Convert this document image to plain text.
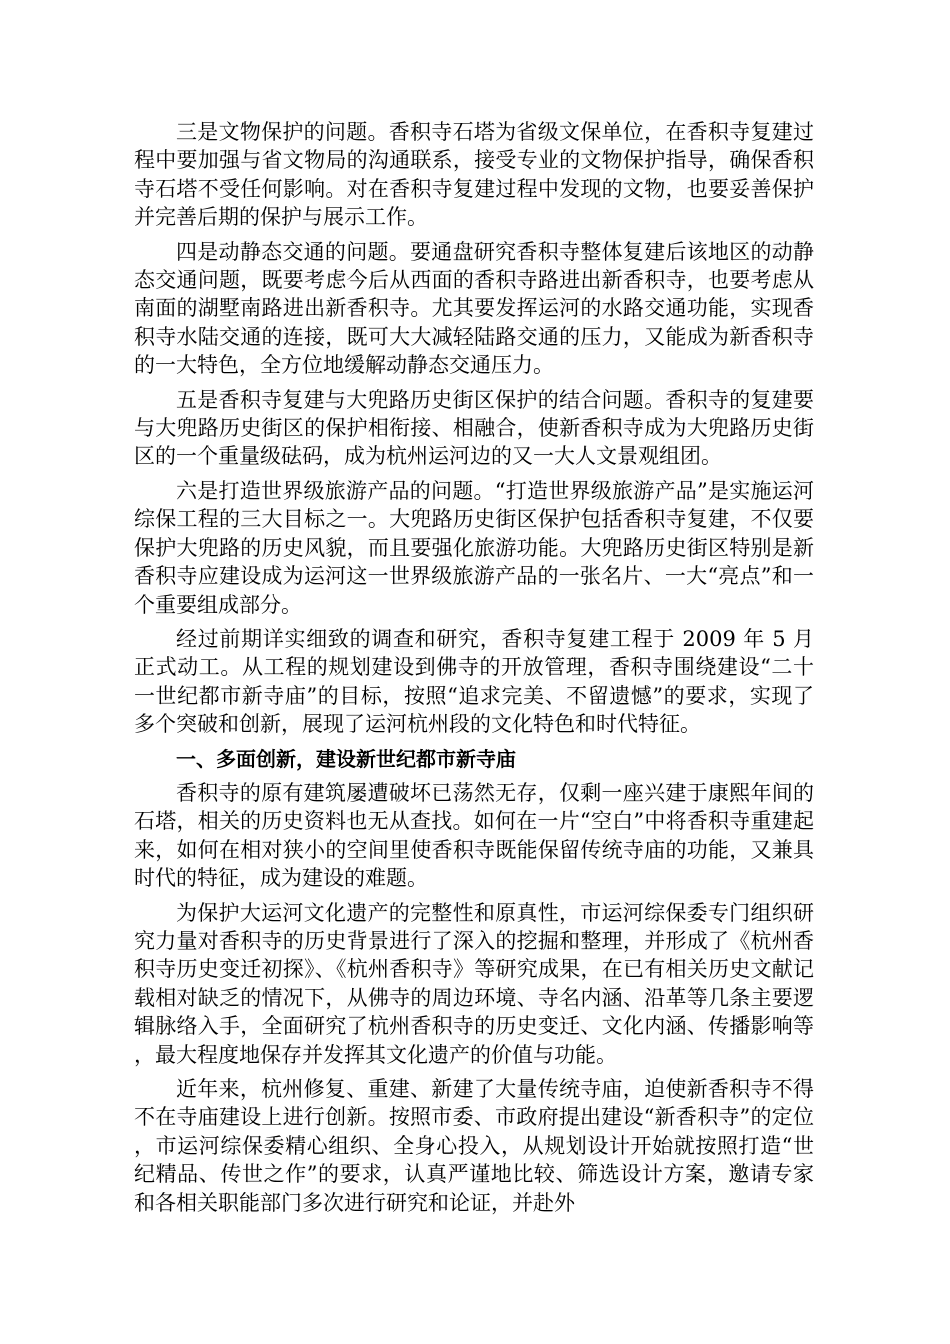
三是文物保护的问题。香积寺石塔为省级文保单位，在香积寺复建过程中要加强与省文物局的沟通联系，接受专业的文物保护指导，确保香积寺石塔不受任何影响。对在香积寺复建过程中发现的文物，也要妥善保护并完善后期的保护与展示工作。

四是动静态交通的问题。要通盘研究香积寺整体复建后该地区的动静态交通问题，既要考虑今后从西面的香积寺路进出新香积寺，也要考虑从南面的湖墅南路进出新香积寺。尤其要发挥运河的水路交通功能，实现香积寺水陆交通的连接，既可大大减轻陆路交通的压力，又能成为新香积寺的一大特色，全方位地缓解动静态交通压力。

五是香积寺复建与大兜路历史街区保护的结合问题。香积寺的复建要与大兜路历史街区的保护相衔接、相融合，使新香积寺成为大兜路历史街区的一个重量级砝码，成为杭州运河边的又一大人文景观组团。

六是打造世界级旅游产品的问题。“打造世界级旅游产品”是实施运河综保工程的三大目标之一。大兜路历史街区保护包括香积寺复建，不仅要保护大兜路的历史风貌，而且要强化旅游功能。大兜路历史街区特别是新香积寺应建设成为运河这一世界级旅游产品的一张名片、一大“亮点”和一个重要组成部分。

经过前期详实细致的调查和研究，香积寺复建工程于 2009 年 5 月正式动工。从工程的规划建设到佛寺的开放管理，香积寺围绕建设“二十一世纪都市新寺庙”的目标，按照“追求完美、不留遗憾”的要求，实现了多个突破和创新，展现了运河杭州段的文化特色和时代特征。

一、多面创新，建设新世纪都市新寺庙

香积寺的原有建筑屡遭破坏已荡然无存，仅剩一座兴建于康熙年间的石塔，相关的历史资料也无从查找。如何在一片“空白”中将香积寺重建起来，如何在相对狭小的空间里使香积寺既能保留传统寺庙的功能，又兼具时代的特征，成为建设的难题。

为保护大运河文化遗产的完整性和原真性，市运河综保委专门组织研究力量对香积寺的历史背景进行了深入的挖掘和整理，并形成了《杭州香积寺历史变迁初探》、《杭州香积寺》等研究成果，在已有相关历史文献记载相对缺乏的情况下，从佛寺的周边环境、寺名内涵、沿革等几条主要逻辑脉络入手，全面研究了杭州香积寺的历史变迁、文化内涵、传播影响等，最大程度地保存并发挥其文化遗产的价值与功能。

近年来，杭州修复、重建、新建了大量传统寺庙，迫使新香积寺不得不在寺庙建设上进行创新。按照市委、市政府提出建设“新香积寺”的定位，市运河综保委精心组织、全身心投入，从规划设计开始就按照打造“世纪精品、传世之作”的要求，认真严谨地比较、筛选设计方案，邀请专家和各相关职能部门多次进行研究和论证，并赴外
